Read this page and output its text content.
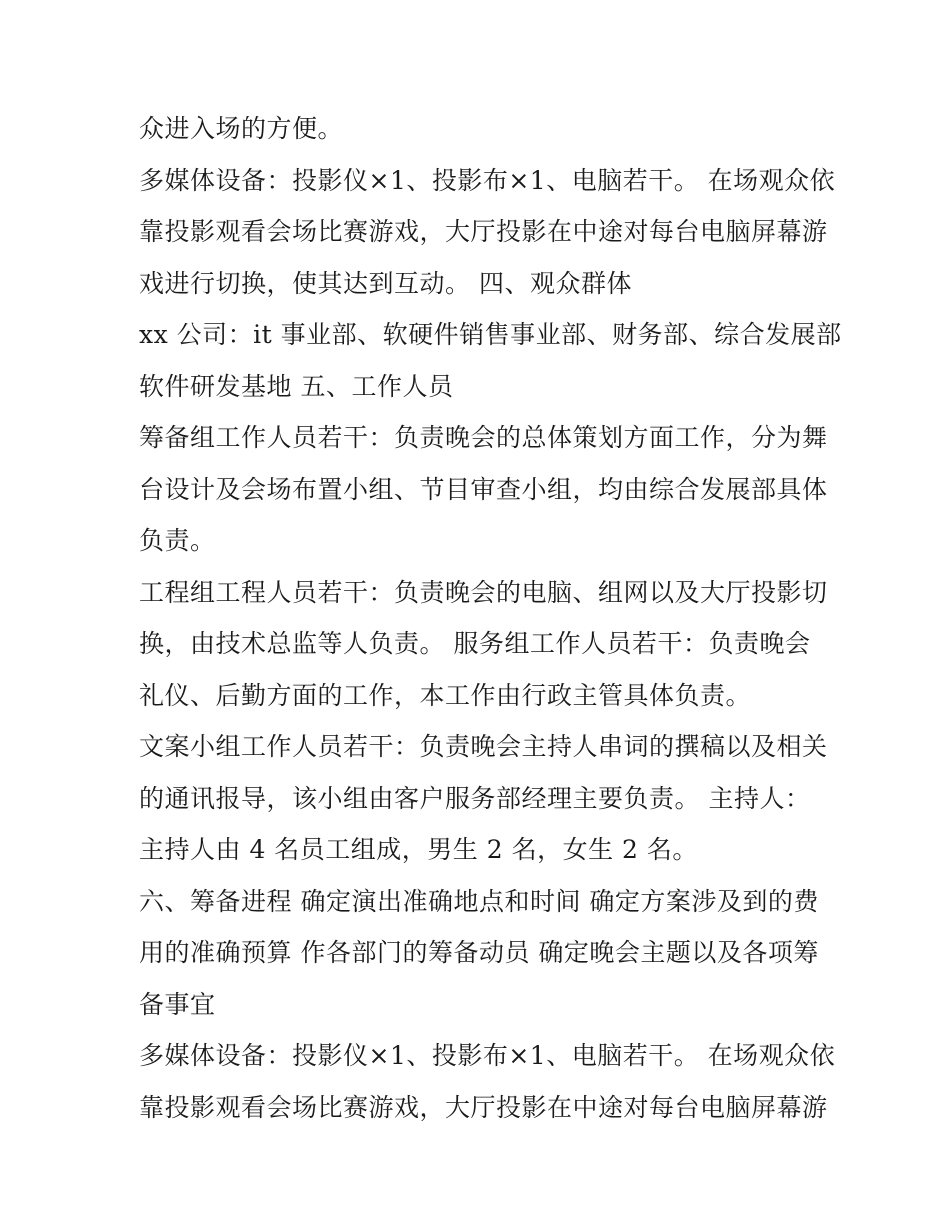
众进入场的方便。
多媒体设备：投影仪×1、投影布×1、电脑若干。 在场观众依
靠投影观看会场比赛游戏，大厅投影在中途对每台电脑屏幕游
戏进行切换，使其达到互动。 四、观众群体
xx 公司：it 事业部、软硬件销售事业部、财务部、综合发展部
软件研发基地 五、工作人员
筹备组工作人员若干：负责晚会的总体策划方面工作，分为舞
台设计及会场布置小组、节目审查小组，均由综合发展部具体
负责。
工程组工程人员若干：负责晚会的电脑、组网以及大厅投影切
换，由技术总监等人负责。 服务组工作人员若干：负责晚会
礼仪、后勤方面的工作，本工作由行政主管具体负责。
文案小组工作人员若干：负责晚会主持人串词的撰稿以及相关
的通讯报导，该小组由客户服务部经理主要负责。 主持人：
主持人由 4 名员工组成，男生 2 名，女生 2 名。
六、筹备进程 确定演出准确地点和时间 确定方案涉及到的费
用的准确预算 作各部门的筹备动员 确定晚会主题以及各项筹
备事宜
多媒体设备：投影仪×1、投影布×1、电脑若干。 在场观众依
靠投影观看会场比赛游戏，大厅投影在中途对每台电脑屏幕游
